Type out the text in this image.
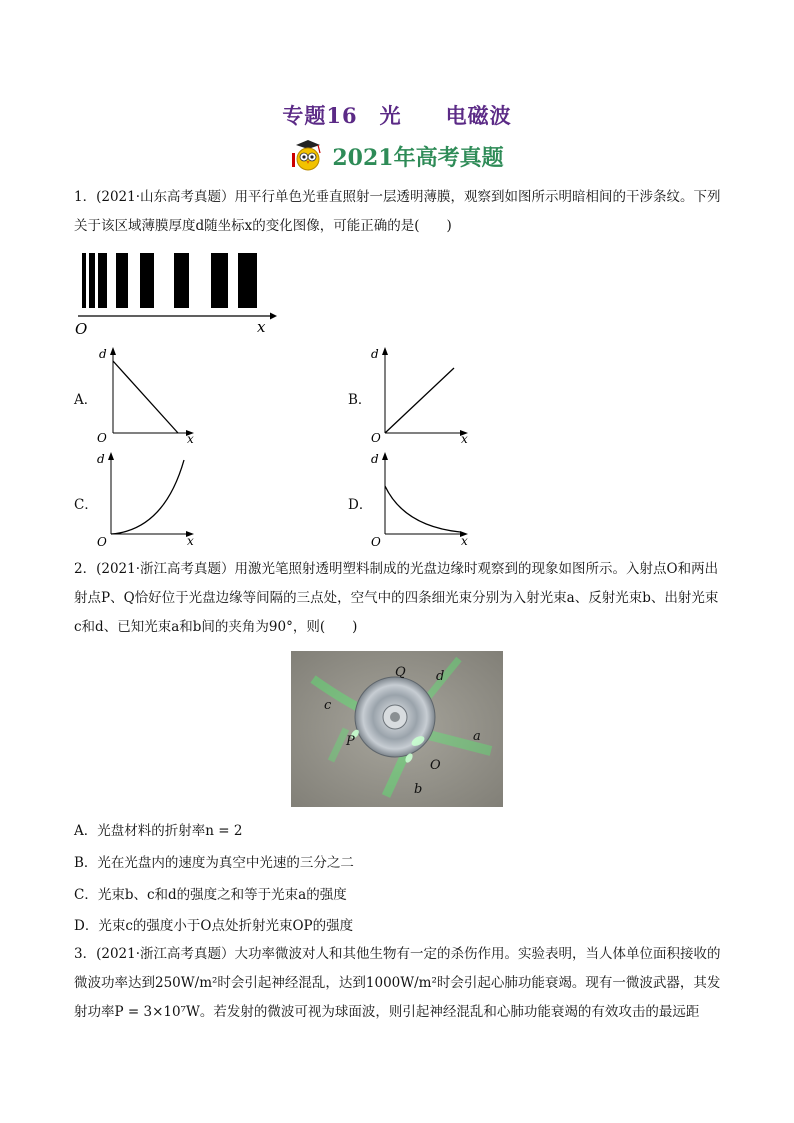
专题16　光　　电磁波
2021年高考真题
1．(2021·山东高考真题）用平行单色光垂直照射一层透明薄膜，观察到如图所示明暗相间的干涉条纹。下列关于该区域薄膜厚度d随坐标x的变化图像，可能正确的是(　　)
O	x
A．	B．
C．	D．
d
O	x
d
O	x
d
O	x
d
O	x
2．(2021·浙江高考真题）用激光笔照射透明塑料制成的光盘边缘时观察到的现象如图所示。入射点O和两出射点P、Q恰好位于光盘边缘等间隔的三点处，空气中的四条细光束分别为入射光束a、反射光束b、出射光束c和d、已知光束a和b间的夹角为90°，则(　　)
Q d
c
P	a
O
b
A．光盘材料的折射率n = 2
B．光在光盘内的速度为真空中光速的三分之二
C．光束b、c和d的强度之和等于光束a的强度
D．光束c的强度小于O点处折射光束OP的强度
3．(2021·浙江高考真题）大功率微波对人和其他生物有一定的杀伤作用。实验表明，当人体单位面积接收的微波功率达到250W/m²时会引起神经混乱，达到1000W/m²时会引起心肺功能衰竭。现有一微波武器，其发射功率P = 3×10⁷W。若发射的微波可视为球面波，则引起神经混乱和心肺功能衰竭的有效攻击的最远距
